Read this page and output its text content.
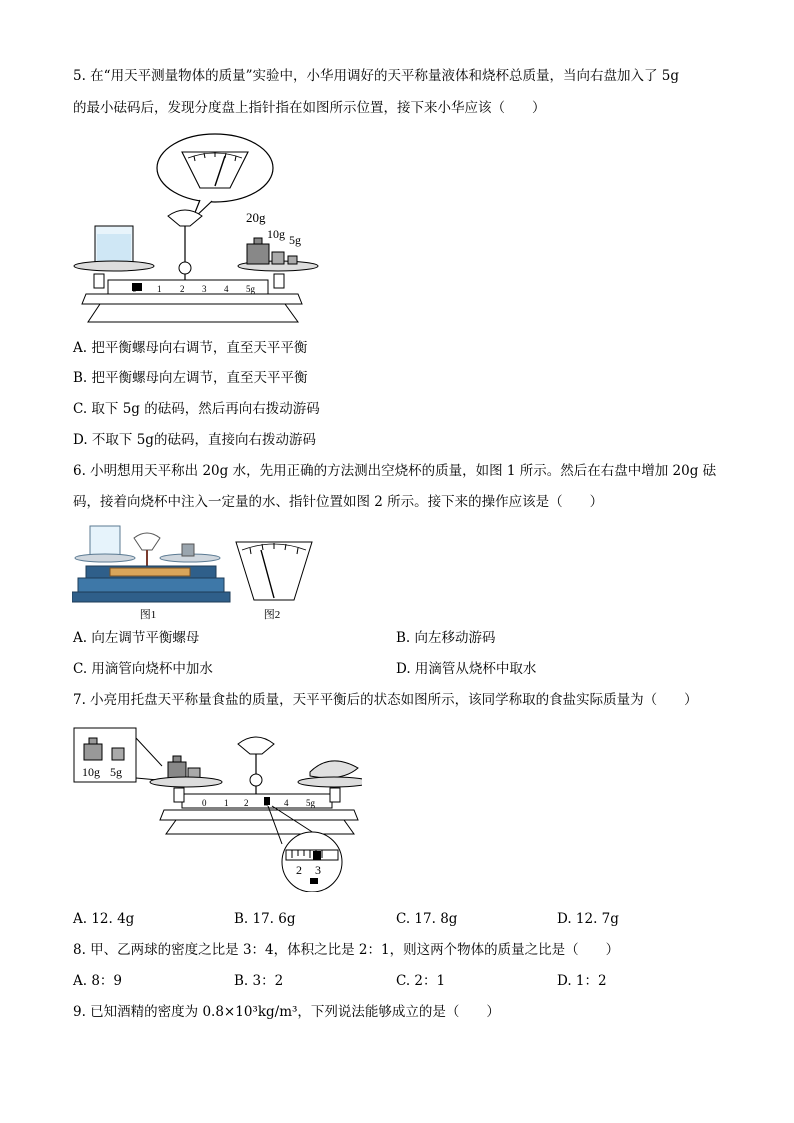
5. 在“用天平测量物体的质量”实验中，小华用调好的天平称量液体和烧杯总质量，当向右盘加入了 5g
的最小砝码后，发现分度盘上指针指在如图所示位置，接下来小华应该（　　）
20g
10g 5g
0 1 2 3 4 5g
A. 把平衡螺母向右调节，直至天平平衡
B. 把平衡螺母向左调节，直至天平平衡
C. 取下 5g 的砝码，然后再向右拨动游码
D. 不取下 5g的砝码，直接向右拨动游码
6. 小明想用天平称出 20g 水，先用正确的方法测出空烧杯的质量，如图 1 所示。然后在右盘中增加 20g 砝
码，接着向烧杯中注入一定量的水、指针位置如图 2 所示。接下来的操作应该是（　　）
图1	图2
A. 向左调节平衡螺母	B. 向左移动游码
C. 用滴管向烧杯中加水	D. 用滴管从烧杯中取水
7. 小亮用托盘天平称量食盐的质量，天平平衡后的状态如图所示，该同学称取的食盐实际质量为（　　）
10g 5g
0 1 2	4 5g
2 3
A. 12. 4g	B. 17. 6g	C. 17. 8g	D. 12. 7g
8. 甲、乙两球的密度之比是 3：4，体积之比是 2：1，则这两个物体的质量之比是（　　）
A. 8：9	B. 3：2	C. 2：1	D. 1：2
9. 已知酒精的密度为 0.8×10³kg/m³，下列说法能够成立的是（　　）
